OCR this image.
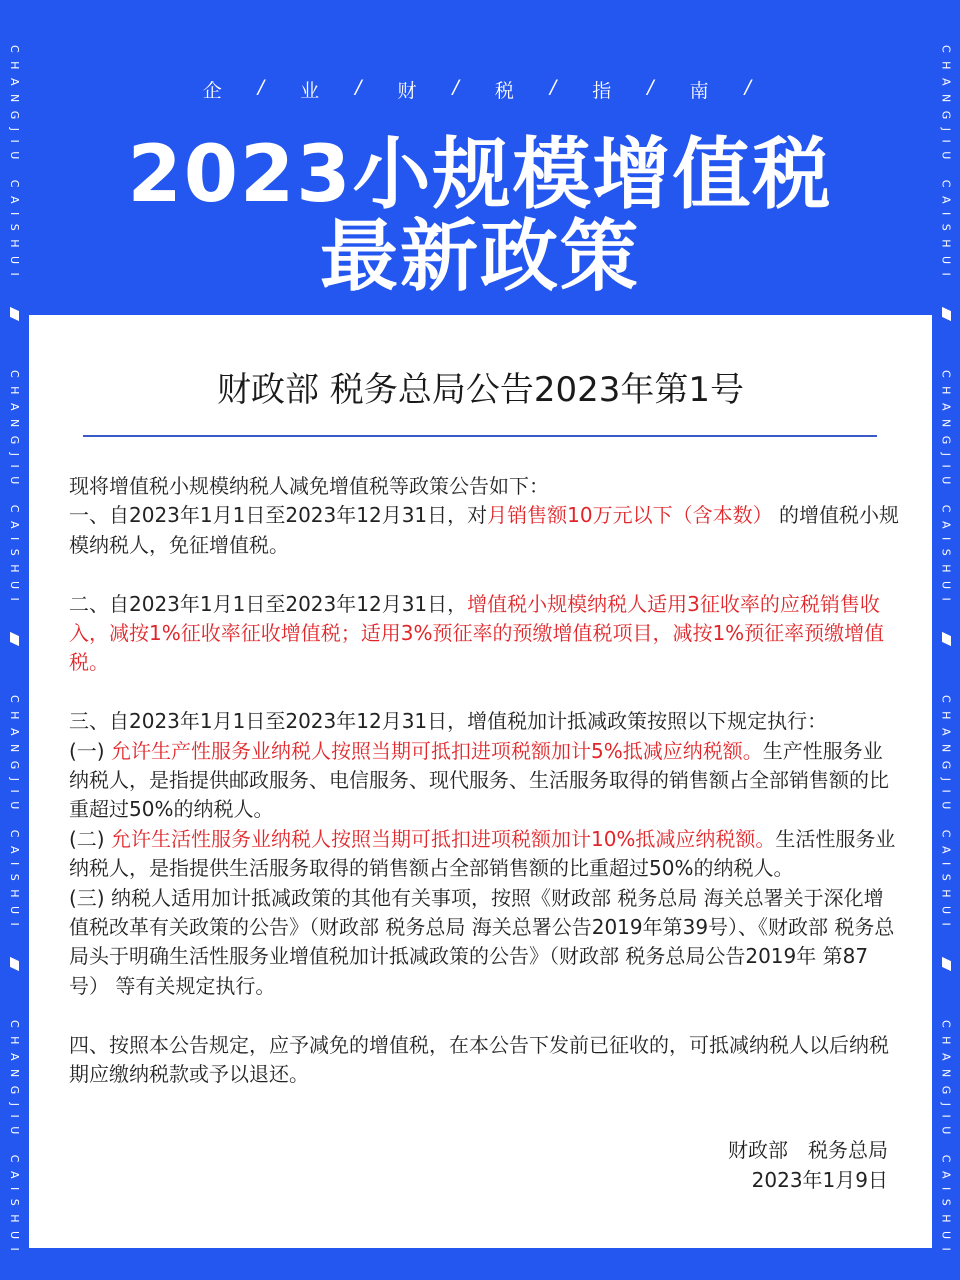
CHANGJIU CAISHUI
CHANGJIU CAISHUI
CHANGJIU CAISHUI
CHANGJIU CAISHUI
CHANGJIU CAISHUI
CHANGJIU CAISHUI
CHANGJIU CAISHUI
CHANGJIU CAISHUI
企	/	业	/	财	/	税	/	指	/	南	/
2023小规模增值税
最新政策
财政部 税务总局公告2023年第1号

现将增值税小规模纳税人减免增值税等政策公告如下：

一、自2023年1月1日至2023年12月31日，对月销售额10万元以下（含本数） 的增值税小规模纳税人，免征增值税。

二、自2023年1月1日至2023年12月31日，增值税小规模纳税人适用3征收率的应税销售收入，减按1%征收率征收增值税；适用3%预征率的预缴增值税项目，减按1%预征率预缴增值税。

三、自2023年1月1日至2023年12月31日，增值税加计抵减政策按照以下规定执行：

(一) 允许生产性服务业纳税人按照当期可抵扣进项税额加计5%抵减应纳税额。生产性服务业纳税人，是指提供邮政服务、电信服务、现代服务、生活服务取得的销售额占全部销售额的比重超过50%的纳税人。

(二) 允许生活性服务业纳税人按照当期可抵扣进项税额加计10%抵减应纳税额。生活性服务业纳税人，是指提供生活服务取得的销售额占全部销售额的比重超过50%的纳税人。

(三) 纳税人适用加计抵减政策的其他有关事项，按照《财政部 税务总局 海关总署关于深化增值税改革有关政策的公告》（财政部 税务总局 海关总署公告2019年第39号）、《财政部 税务总局头于明确生活性服务业增值税加计抵减政策的公告》（财政部 税务总局公告2019年 第87号） 等有关规定执行。

四、按照本公告规定，应予减免的增值税，在本公告下发前已征收的，可抵减纳税人以后纳税期应缴纳税款或予以退还。

财政部　税务总局
2023年1月9日
